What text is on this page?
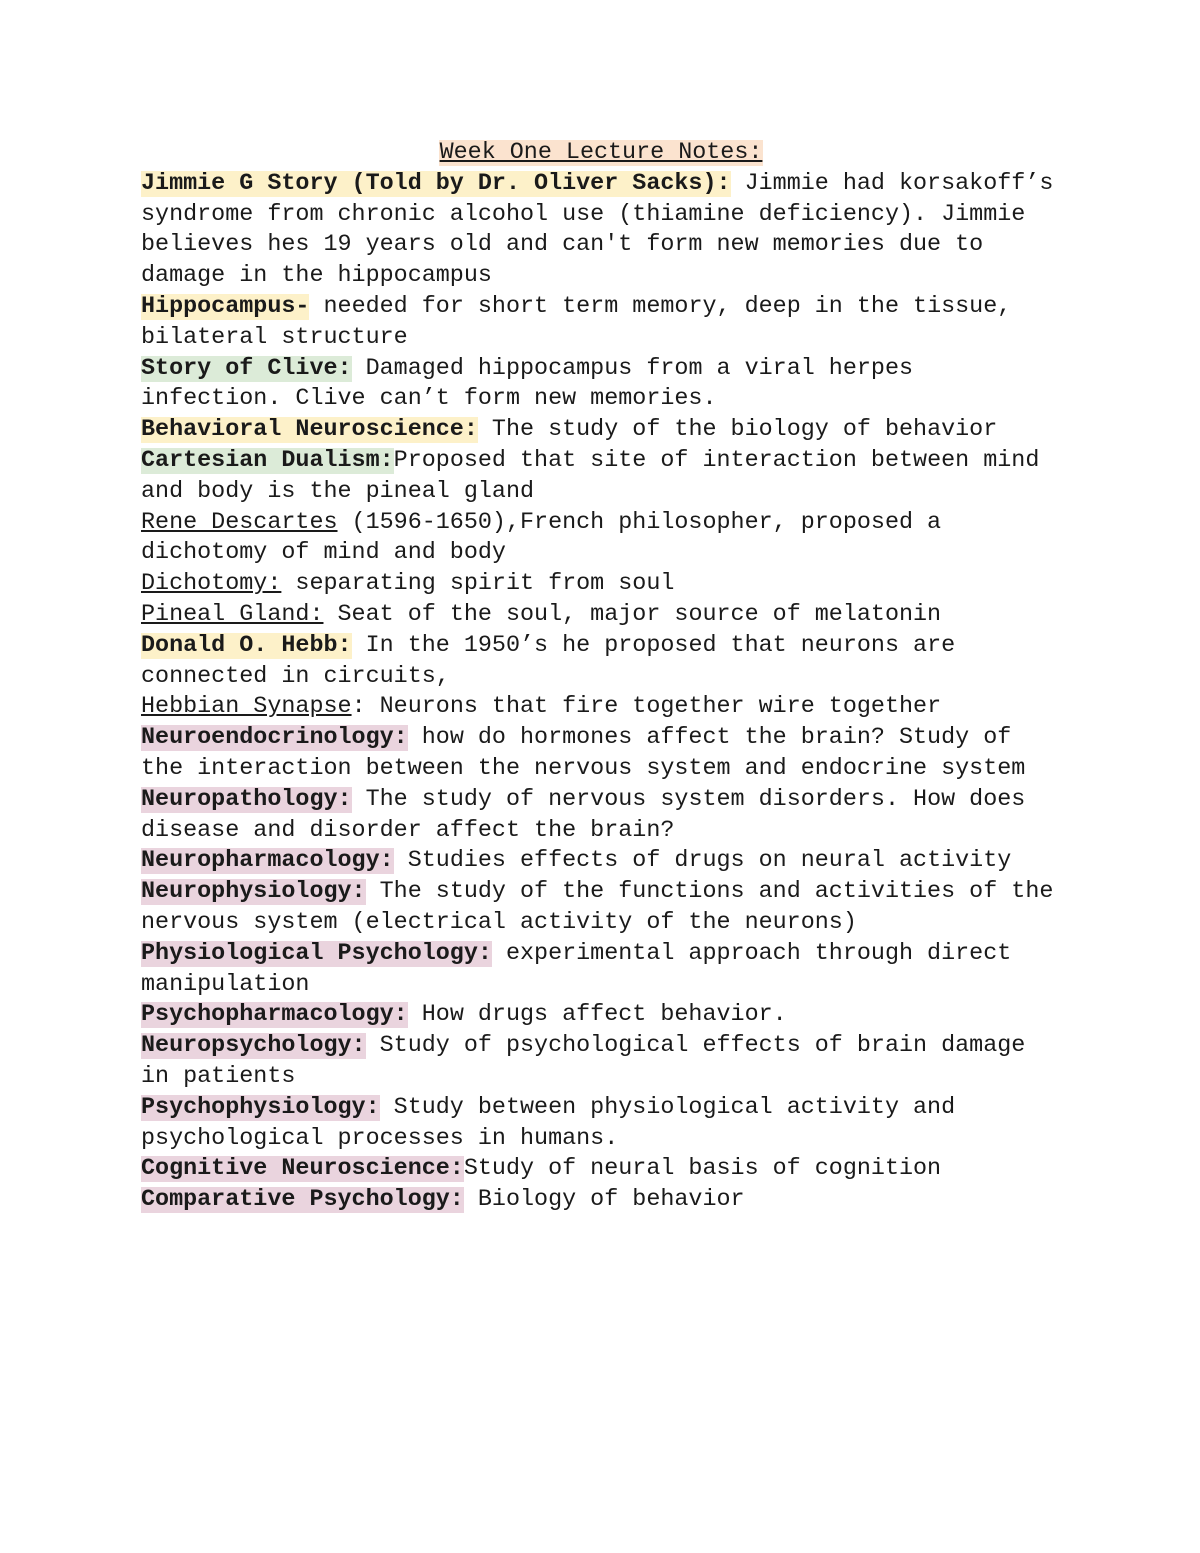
Week One Lecture Notes:

Jimmie G Story (Told by Dr. Oliver Sacks): Jimmie had korsakoff’s syndrome from chronic alcohol use (thiamine deficiency). Jimmie believes hes 19 years old and can't form new memories due to damage in the hippocampus

Hippocampus- needed for short term memory, deep in the tissue, bilateral structure

Story of Clive: Damaged hippocampus from a viral herpes infection. Clive can’t form new memories.

Behavioral Neuroscience: The study of the biology of behavior

Cartesian Dualism:Proposed that site of interaction between mind and body is the pineal gland

Rene Descartes (1596-1650),French philosopher, proposed a dichotomy of mind and body

Dichotomy: separating spirit from soul

Pineal Gland: Seat of the soul, major source of melatonin

Donald O. Hebb: In the 1950’s he proposed that neurons are connected in circuits,

Hebbian Synapse: Neurons that fire together wire together

Neuroendocrinology: how do hormones affect the brain? Study of the interaction between the nervous system and endocrine system

Neuropathology: The study of nervous system disorders. How does disease and disorder affect the brain?

Neuropharmacology: Studies effects of drugs on neural activity

Neurophysiology: The study of the functions and activities of the nervous system (electrical activity of the neurons)

Physiological Psychology: experimental approach through direct manipulation

Psychopharmacology: How drugs affect behavior.

Neuropsychology: Study of psychological effects of brain damage in patients

Psychophysiology: Study between physiological activity and psychological processes in humans.

Cognitive Neuroscience:Study of neural basis of cognition

Comparative Psychology: Biology of behavior
